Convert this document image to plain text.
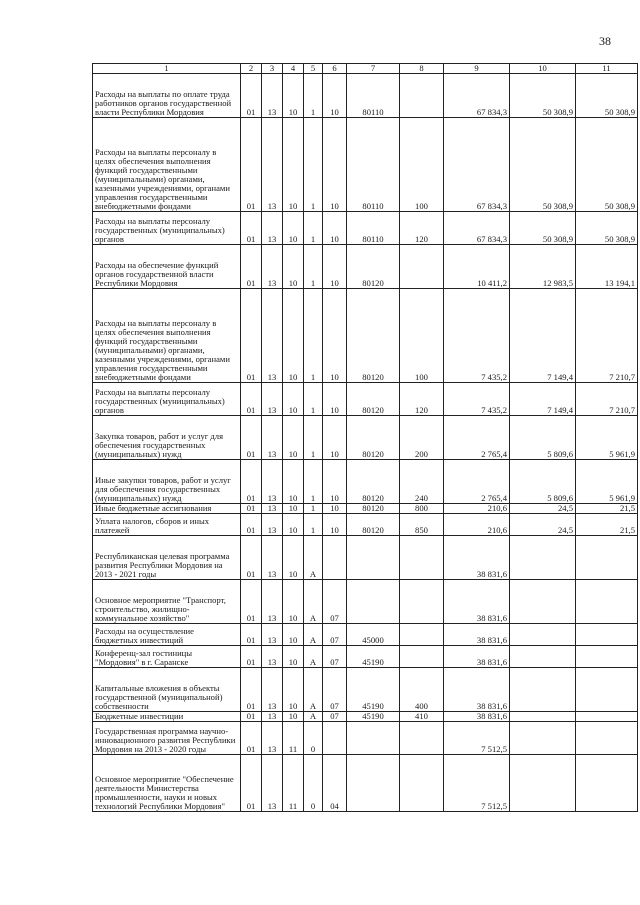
38
1	2	3	4	5	6	7	8	9	10	11
Расходы на выплаты по оплате труда работников органов государственной власти Республики Мордовия	01	13	10	1	10	80110		67 834,3	50 308,9	50 308,9
Расходы на выплаты персоналу в целях обеспечения выполнения функций государственными (муниципальными) органами, казенными учреждениями, органами управления государственными внебюджетными фондами	01	13	10	1	10	80110	100	67 834,3	50 308,9	50 308,9
Расходы на выплаты персоналу государственных (муниципальных) органов	01	13	10	1	10	80110	120	67 834,3	50 308,9	50 308,9
Расходы на обеспечение функций органов государственной власти Республики Мордовия	01	13	10	1	10	80120		10 411,2	12 983,5	13 194,1
Расходы на выплаты персоналу в целях обеспечения выполнения функций государственными (муниципальными) органами, казенными учреждениями, органами управления государственными внебюджетными фондами	01	13	10	1	10	80120	100	7 435,2	7 149,4	7 210,7
Расходы на выплаты персоналу государственных (муниципальных) органов	01	13	10	1	10	80120	120	7 435,2	7 149,4	7 210,7
Закупка товаров, работ и услуг для обеспечения государственных (муниципальных) нужд	01	13	10	1	10	80120	200	2 765,4	5 809,6	5 961,9
Иные закупки товаров, работ и услуг для обеспечения государственных (муниципальных) нужд	01	13	10	1	10	80120	240	2 765,4	5 809,6	5 961,9
Иные бюджетные ассигнования	01	13	10	1	10	80120	800	210,6	24,5	21,5
Уплата налогов, сборов и иных платежей	01	13	10	1	10	80120	850	210,6	24,5	21,5
Республиканская целевая программа развития Республики Мордовия на 2013 - 2021 годы	01	13	10	А				38 831,6		
Основное мероприятие "Транспорт, строительство, жилищно-коммунальное хозяйство"	01	13	10	А	07			38 831,6		
Расходы на осуществление бюджетных инвестиций	01	13	10	А	07	45000		38 831,6		
Конференц-зал гостиницы "Мордовия" в г. Саранске	01	13	10	А	07	45190		38 831,6		
Капитальные вложения в объекты государственной (муниципальной) собственности	01	13	10	А	07	45190	400	38 831,6		
Бюджетные инвестиции	01	13	10	А	07	45190	410	38 831,6		
Государственная программа научно-инновационного развития Республики Мордовия на 2013 - 2020 годы	01	13	11	0				7 512,5		
Основное мероприятие "Обеспечение деятельности Министерства промышленности, науки и новых технологий Республики Мордовия"	01	13	11	0	04			7 512,5		
